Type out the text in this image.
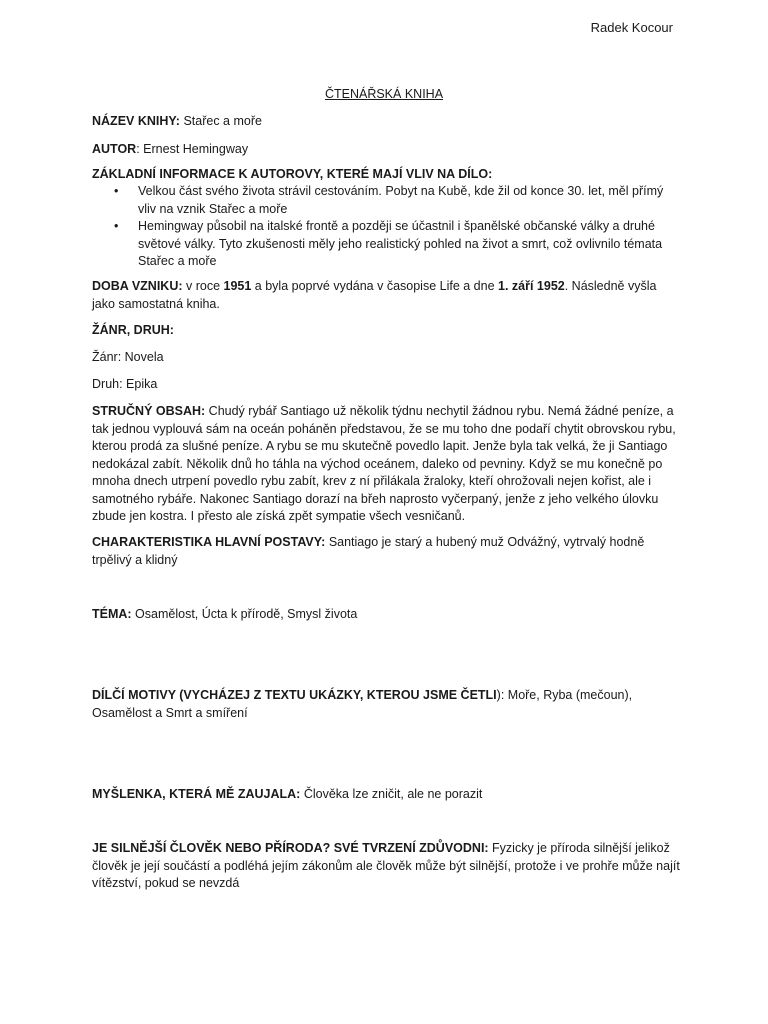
Radek Kocour
ČTENÁŘSKÁ KNIHA

NÁZEV KNIHY: Stařec a moře

AUTOR: Ernest Hemingway

ZÁKLADNÍ INFORMACE K AUTOROVY, KTERÉ MAJÍ VLIV NA DÍLO:

• Velkou část svého života strávil cestováním. Pobyt na Kubě, kde žil od konce 30. let, měl přímý vliv na vznik Stařec a moře
• Hemingway působil na italské frontě a později se účastnil i španělské občanské války a druhé světové války. Tyto zkušenosti měly jeho realistický pohled na život a smrt, což ovlivnilo témata Stařec a moře

DOBA VZNIKU: v roce 1951 a byla poprvé vydána v časopise Life a dne 1. září 1952. Následně vyšla jako samostatná kniha.

ŽÁNR, DRUH:

Žánr: Novela

Druh: Epika

STRUČNÝ OBSAH: Chudý rybář Santiago už několik týdnu nechytil žádnou rybu. Nemá žádné peníze, a tak jednou vyplouvá sám na oceán poháněn představou, že se mu toho dne podaří chytit obrovskou rybu, kterou prodá za slušné peníze. A rybu se mu skutečně povedlo lapit. Jenže byla tak velká, že ji Santiago nedokázal zabít. Několik dnů ho táhla na východ oceánem, daleko od pevniny. Když se mu konečně po mnoha dnech utrpení povedlo rybu zabít, krev z ní přilákala žraloky, kteří ohrožovali nejen kořist, ale i samotného rybáře. Nakonec Santiago dorazí na břeh naprosto vyčerpaný, jenže z jeho velkého úlovku zbude jen kostra. I přesto ale získá zpět sympatie všech vesničanů.

CHARAKTERISTIKA HLAVNÍ POSTAVY: Santiago je starý a hubený muž Odvážný, vytrvalý hodně trpělivý a klidný

TÉMA: Osamělost, Úcta k přírodě, Smysl života

DÍLČÍ MOTIVY (VYCHÁZEJ Z TEXTU UKÁZKY, KTEROU JSME ČETLI): Moře, Ryba (mečoun), Osamělost a Smrt a smíření

MYŠLENKA, KTERÁ MĚ ZAUJALA: Člověka lze zničit, ale ne porazit

JE SILNĚJŠÍ ČLOVĚK NEBO PŘÍRODA? SVÉ TVRZENÍ ZDŮVODNI: Fyzicky je příroda silnější jelikož člověk je její součástí a podléhá jejím zákonům ale člověk může být silnější, protože i ve prohře může najít vítězství, pokud se nevzdá
